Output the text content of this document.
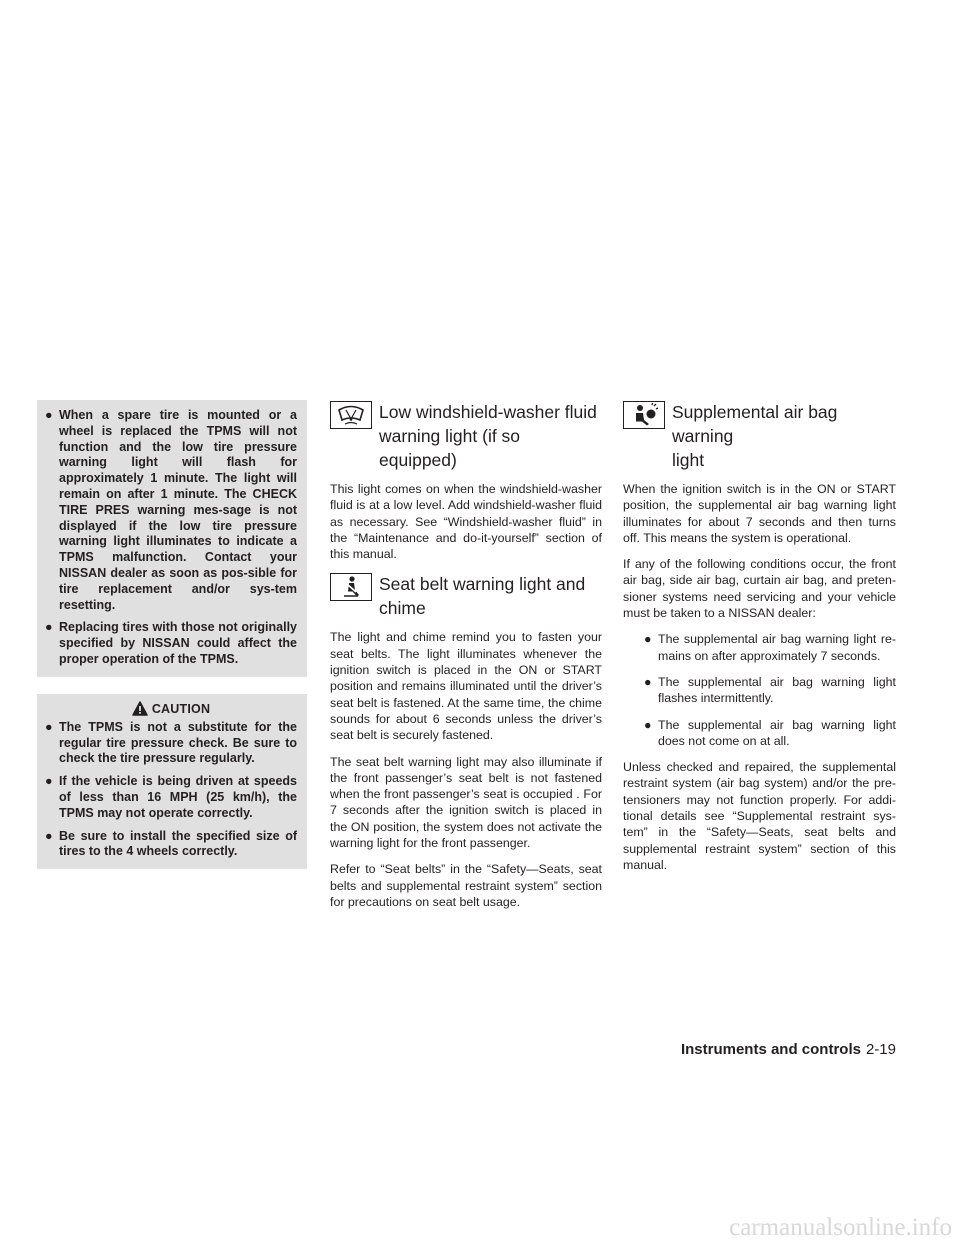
● When a spare tire is mounted or a wheel is replaced the TPMS will not function and the low tire pressure warning light will flash for approximately 1 minute. The light will remain on after 1 minute. The CHECK TIRE PRES warning mes-sage is not displayed if the low tire pressure warning light illuminates to indicate a TPMS malfunction. Contact your NISSAN dealer as soon as pos-sible for tire replacement and/or sys-tem resetting.
● Replacing tires with those not originally specified by NISSAN could affect the proper operation of the TPMS.
CAUTION
● The TPMS is not a substitute for the regular tire pressure check. Be sure to check the tire pressure regularly.
● If the vehicle is being driven at speeds of less than 16 MPH (25 km/h), the TPMS may not operate correctly.
● Be sure to install the specified size of tires to the 4 wheels correctly.
Low windshield-washer fluid
warning light (if so equipped)

This light comes on when the windshield-washer fluid is at a low level. Add windshield-washer fluid as necessary. See “Windshield-washer fluid” in the “Maintenance and do-it-yourself” section of this manual.

Seat belt warning light and
chime

The light and chime remind you to fasten your seat belts. The light illuminates whenever the ignition switch is placed in the ON or START position and remains illuminated until the driver’s seat belt is fastened. At the same time, the chime sounds for about 6 seconds unless the driver’s seat belt is securely fastened.

The seat belt warning light may also illuminate if the front passenger’s seat belt is not fastened when the front passenger’s seat is occupied . For 7 seconds after the ignition switch is placed in the ON position, the system does not activate the warning light for the front passenger.

Refer to “Seat belts” in the “Safety—Seats, seat belts and supplemental restraint system” section for precautions on seat belt usage.

Supplemental air bag warning
light

When the ignition switch is in the ON or START position, the supplemental air bag warning light illuminates for about 7 seconds and then turns off. This means the system is operational.

If any of the following conditions occur, the front air bag, side air bag, curtain air bag, and preten-sioner systems need servicing and your vehicle must be taken to a NISSAN dealer:

● The supplemental air bag warning light re-mains on after approximately 7 seconds.
● The supplemental air bag warning light flashes intermittently.
● The supplemental air bag warning light does not come on at all.

Unless checked and repaired, the supplemental restraint system (air bag system) and/or the pre-tensioners may not function properly. For addi-tional details see “Supplemental restraint sys-tem” in the “Safety—Seats, seat belts and supplemental restraint system” section of this manual.

Instruments and controls 2-19
carmanualsonline.info
